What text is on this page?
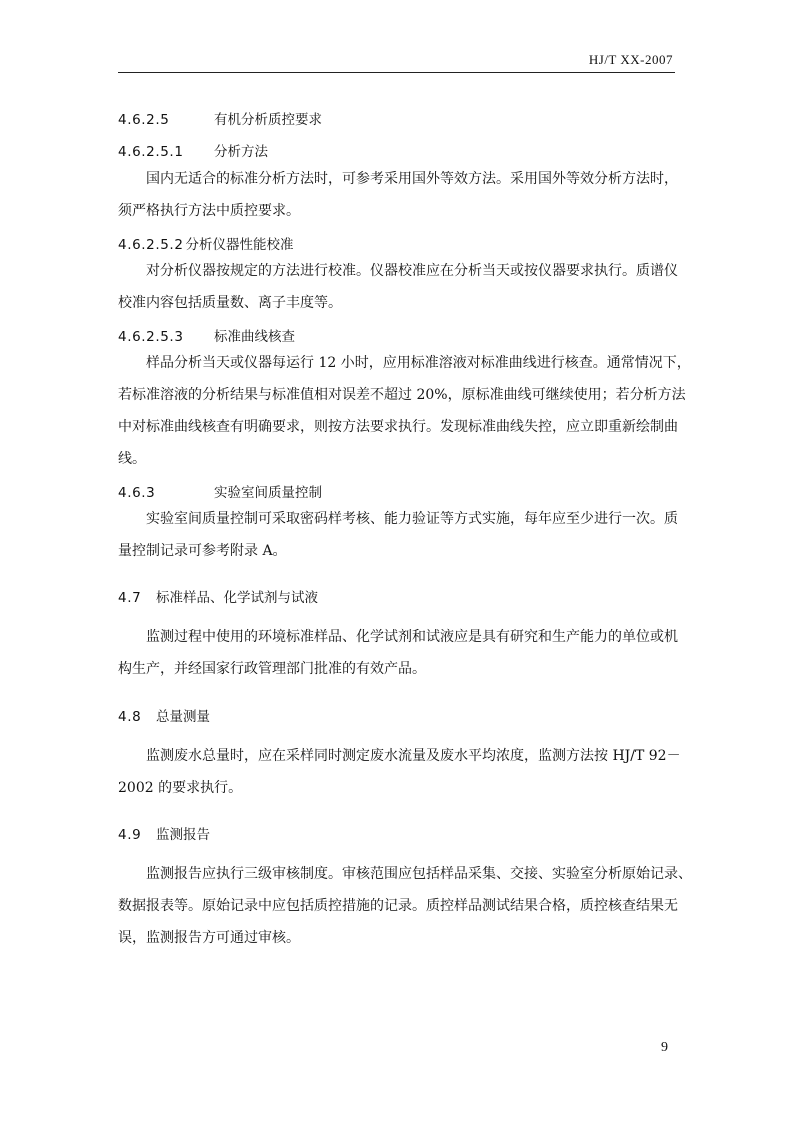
HJ/T XX-2007
4.6.2.5	有机分析质控要求
4.6.2.5.1 分析方法

国内无适合的标准分析方法时，可参考采用国外等效方法。采用国外等效分析方法时，
须严格执行方法中质控要求。

4.6.2.5.2 分析仪器性能校准

对分析仪器按规定的方法进行校准。仪器校准应在分析当天或按仪器要求执行。质谱仪
校准内容包括质量数、离子丰度等。

4.6.2.5.3 标准曲线核查

样品分析当天或仪器每运行 12 小时，应用标准溶液对标准曲线进行核查。通常情况下，
若标准溶液的分析结果与标准值相对误差不超过 20%，原标准曲线可继续使用；若分析方法
中对标准曲线核查有明确要求，则按方法要求执行。发现标准曲线失控，应立即重新绘制曲
线。

4.6.3	实验室间质量控制

实验室间质量控制可采取密码样考核、能力验证等方式实施，每年应至少进行一次。质
量控制记录可参考附录 A。

4.7 标准样品、化学试剂与试液

监测过程中使用的环境标准样品、化学试剂和试液应是具有研究和生产能力的单位或机
构生产，并经国家行政管理部门批准的有效产品。

4.8 总量测量

监测废水总量时，应在采样同时测定废水流量及废水平均浓度，监测方法按 HJ/T 92－
2002 的要求执行。

4.9 监测报告

监测报告应执行三级审核制度。审核范围应包括样品采集、交接、实验室分析原始记录、
数据报表等。原始记录中应包括质控措施的记录。质控样品测试结果合格，质控核查结果无
误，监测报告方可通过审核。

9
